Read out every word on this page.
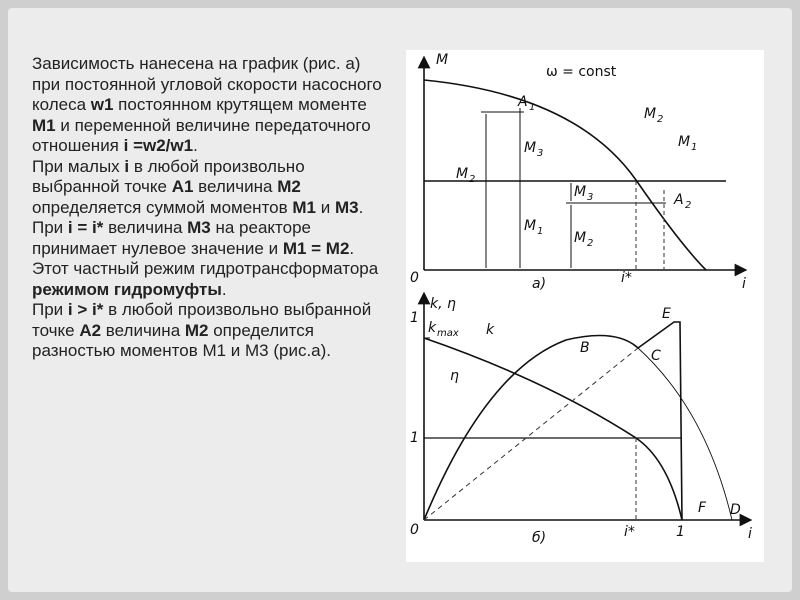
Зависимость нанесена на график (рис. а) при постоянной угловой скорости насосного колеса w1 постоянном крутящем моменте М1 и переменной величине передаточного отношения i =w2/w1.

При малых i в любой произвольно выбранной точке А1 величина М2 определяется суммой моментов М1 и М3. При i = i* величина М3 на реакторе принимает нулевое значение и М1 = М2. Этот частный режим гидротрансформатора режимом гидромуфты.

При i > i* в любой произвольно выбранной точке А2 величина М2 определится разностью моментов М1 и М3 (рис.а).

M
ω = const
A 1	M 2
M 1
M 2
M 3
M 1
M 3
M 2
A 2
0	i*
а)	i
k, η
1
k max k
η
B	C
E
F D
1
0	i*	1
б)	i
